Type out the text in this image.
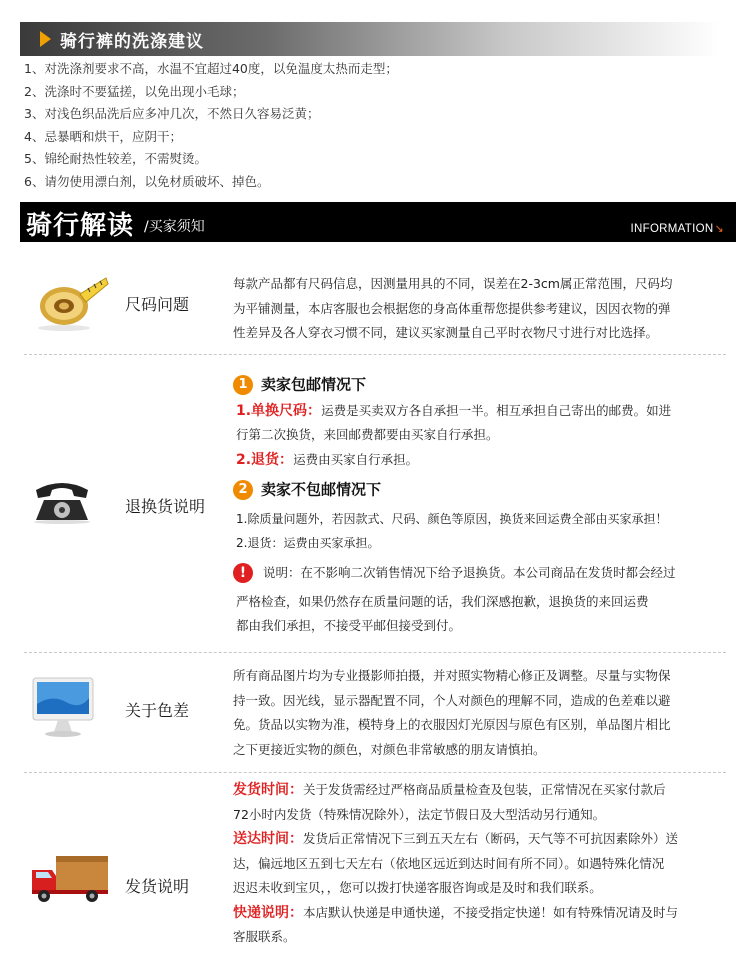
骑行裤的洗涤建议
1、对洗涤剂要求不高，水温不宜超过40度，以免温度太热而走型；
2、洗涤时不要猛搓，以免出现小毛球；
3、对浅色织品洗后应多冲几次，不然日久容易泛黄；
4、忌暴晒和烘干，应阴干；
5、锦纶耐热性较差，不需熨烫。
6、请勿使用漂白剂，以免材质破坏、掉色。
骑行解读 /买家须知	INFORMATION↘
尺码问题

每款产品都有尺码信息，因测量用具的不同，误差在2-3cm属正常范围，尺码均

为平铺测量，本店客服也会根据您的身高体重帮您提供参考建议，因因衣物的弹

性差异及各人穿衣习惯不同，建议买家测量自己平时衣物尺寸进行对比选择。

退换货说明

1 卖家包邮情况下

1.单换尺码：运费是买卖双方各自承担一半。相互承担自己寄出的邮费。如进

行第二次换货，来回邮费都要由买家自行承担。

2.退货：运费由买家自行承担。

2 卖家不包邮情况下

1.除质量问题外，若因款式、尺码、颜色等原因，换货来回运费全部由买家承担！

2.退货：运费由买家承担。

! 说明：在不影响二次销售情况下给予退换货。本公司商品在发货时都会经过

严格检查，如果仍然存在质量问题的话，我们深感抱歉，退换货的来回运费

都由我们承担，不接受平邮但接受到付。

关于色差

所有商品图片均为专业摄影师拍摄，并对照实物精心修正及调整。尽量与实物保

持一致。因光线，显示器配置不同，个人对颜色的理解不同，造成的色差难以避

免。货品以实物为准，模特身上的衣服因灯光原因与原色有区别，单品图片相比

之下更接近实物的颜色，对颜色非常敏感的朋友请慎拍。

发货说明

发货时间：关于发货需经过严格商品质量检查及包装，正常情况在买家付款后

72小时内发货（特殊情况除外），法定节假日及大型活动另行通知。

送达时间：发货后正常情况下三到五天左右（断码，天气等不可抗因素除外）送

达，偏远地区五到七天左右（依地区远近到达时间有所不同）。如遇特殊化情况

迟迟未收到宝贝，，您可以拨打快递客服咨询或是及时和我们联系。

快递说明：本店默认快递是申通快递，不接受指定快递！如有特殊情况请及时与

客服联系。
